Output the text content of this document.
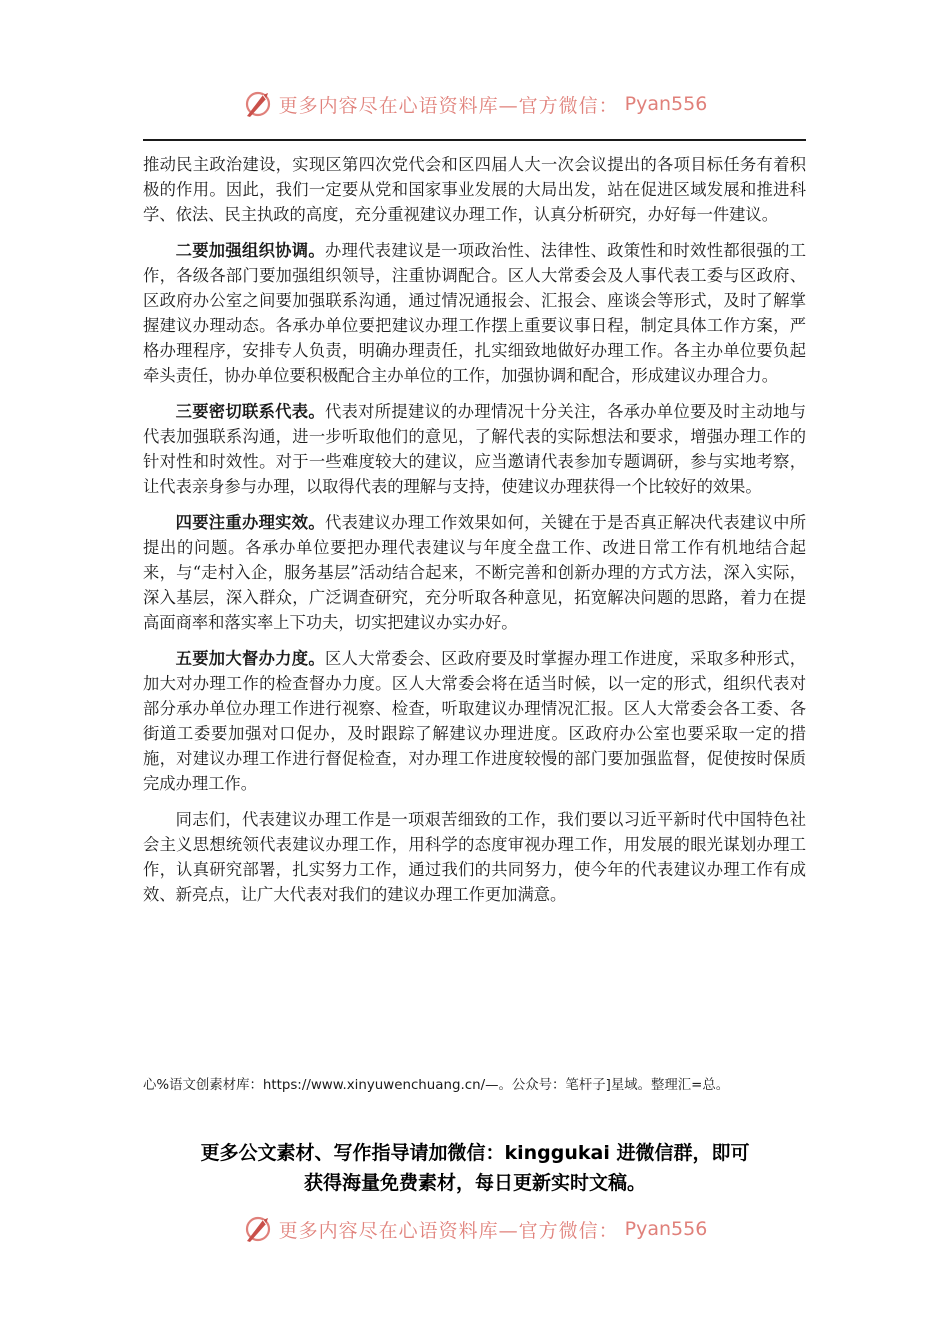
更多内容尽在心语资料库—官方微信： Pyan556

推动民主政治建设，实现区第四次党代会和区四届人大一次会议提出的各项目标任务有着积极的作用。因此，我们一定要从党和国家事业发展的大局出发，站在促进区域发展和推进科学、依法、民主执政的高度，充分重视建议办理工作，认真分析研究，办好每一件建议。

二要加强组织协调。办理代表建议是一项政治性、法律性、政策性和时效性都很强的工作，各级各部门要加强组织领导，注重协调配合。区人大常委会及人事代表工委与区政府、区政府办公室之间要加强联系沟通，通过情况通报会、汇报会、座谈会等形式，及时了解掌握建议办理动态。各承办单位要把建议办理工作摆上重要议事日程，制定具体工作方案，严格办理程序，安排专人负责，明确办理责任，扎实细致地做好办理工作。各主办单位要负起牵头责任，协办单位要积极配合主办单位的工作，加强协调和配合，形成建议办理合力。

三要密切联系代表。代表对所提建议的办理情况十分关注，各承办单位要及时主动地与代表加强联系沟通，进一步听取他们的意见，了解代表的实际想法和要求，增强办理工作的针对性和时效性。对于一些难度较大的建议，应当邀请代表参加专题调研，参与实地考察，让代表亲身参与办理，以取得代表的理解与支持，使建议办理获得一个比较好的效果。

四要注重办理实效。代表建议办理工作效果如何，关键在于是否真正解决代表建议中所提出的问题。各承办单位要把办理代表建议与年度全盘工作、改进日常工作有机地结合起来，与“走村入企，服务基层”活动结合起来，不断完善和创新办理的方式方法，深入实际，深入基层，深入群众，广泛调查研究，充分听取各种意见，拓宽解决问题的思路，着力在提高面商率和落实率上下功夫，切实把建议办实办好。

五要加大督办力度。区人大常委会、区政府要及时掌握办理工作进度，采取多种形式，加大对办理工作的检查督办力度。区人大常委会将在适当时候，以一定的形式，组织代表对部分承办单位办理工作进行视察、检查，听取建议办理情况汇报。区人大常委会各工委、各街道工委要加强对口促办，及时跟踪了解建议办理进度。区政府办公室也要采取一定的措施，对建议办理工作进行督促检查，对办理工作进度较慢的部门要加强监督，促使按时保质完成办理工作。

同志们，代表建议办理工作是一项艰苦细致的工作，我们要以习近平新时代中国特色社会主义思想统领代表建议办理工作，用科学的态度审视办理工作，用发展的眼光谋划办理工作，认真研究部署，扎实努力工作，通过我们的共同努力，使今年的代表建议办理工作有成效、新亮点，让广大代表对我们的建议办理工作更加满意。

心%语文创素材库：https://www.xinyuwenchuang.cn/—。公众号：笔杆子]星域。整理汇=总。
更多公文素材、写作指导请加微信：kinggukai 进微信群，即可
获得海量免费素材，每日更新实时文稿。
更多内容尽在心语资料库—官方微信： Pyan556
